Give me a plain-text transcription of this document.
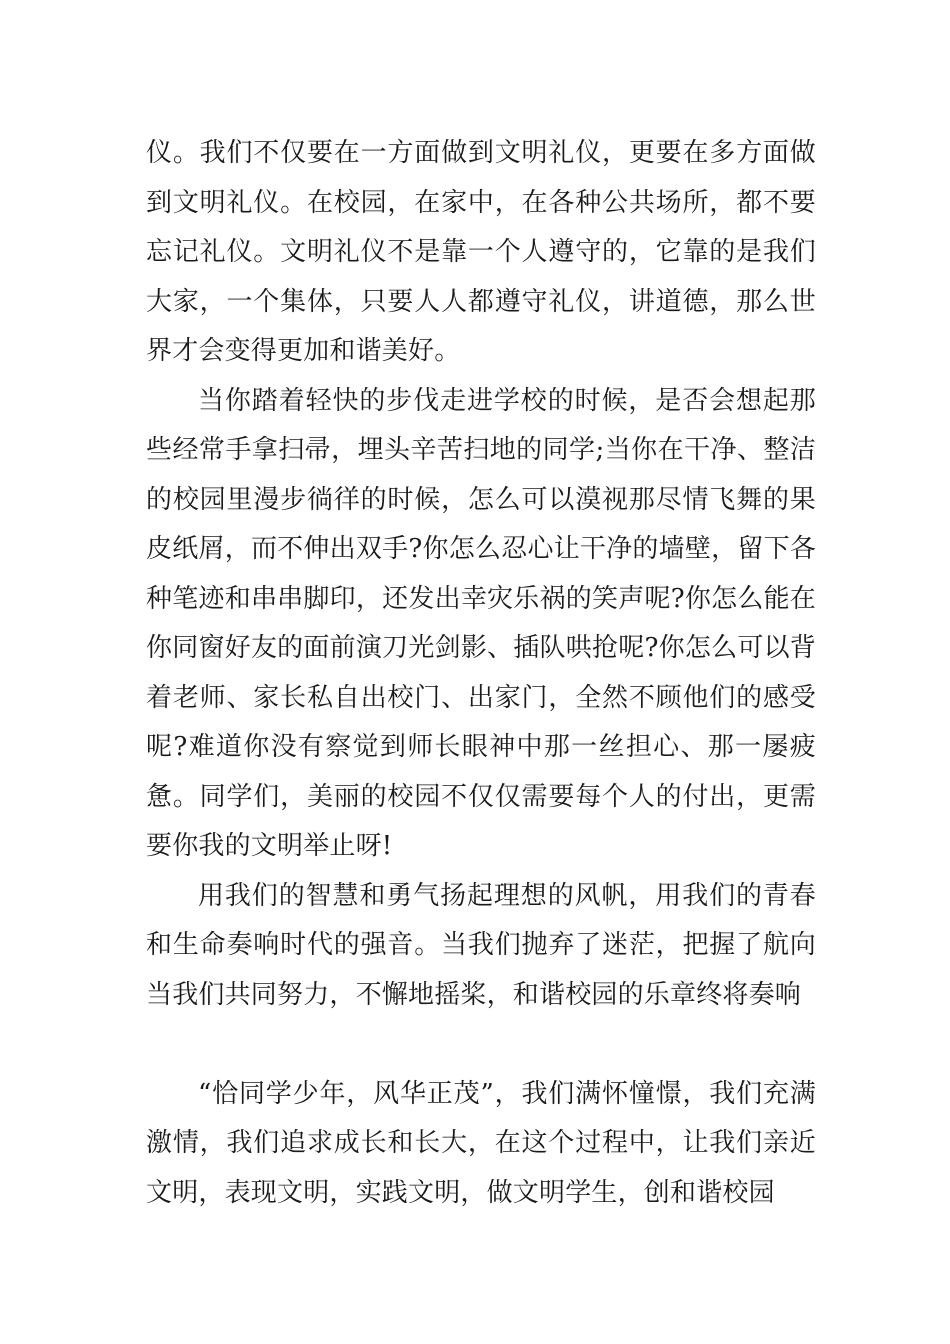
仪。我们不仅要在一方面做到文明礼仪，更要在多方面做到文明礼仪。在校园，在家中，在各种公共场所，都不要忘记礼仪。文明礼仪不是靠一个人遵守的，它靠的是我们大家，一个集体，只要人人都遵守礼仪，讲道德，那么世界才会变得更加和谐美好。

当你踏着轻快的步伐走进学校的时候，是否会想起那些经常手拿扫帚，埋头辛苦扫地的同学;当你在干净、整洁的校园里漫步徜徉的时候，怎么可以漠视那尽情飞舞的果皮纸屑，而不伸出双手?你怎么忍心让干净的墙壁，留下各种笔迹和串串脚印，还发出幸灾乐祸的笑声呢?你怎么能在你同窗好友的面前演刀光剑影、插队哄抢呢?你怎么可以背着老师、家长私自出校门、出家门，全然不顾他们的感受呢?难道你没有察觉到师长眼神中那一丝担心、那一屡疲惫。同学们，美丽的校园不仅仅需要每个人的付出，更需要你我的文明举止呀!

用我们的智慧和勇气扬起理想的风帆，用我们的青春和生命奏响时代的强音。当我们抛弃了迷茫，把握了航向当我们共同努力，不懈地摇桨，和谐校园的乐章终将奏响

“恰同学少年，风华正茂”，我们满怀憧憬，我们充满激情，我们追求成长和长大，在这个过程中，让我们亲近文明，表现文明，实践文明，做文明学生，创和谐校园
